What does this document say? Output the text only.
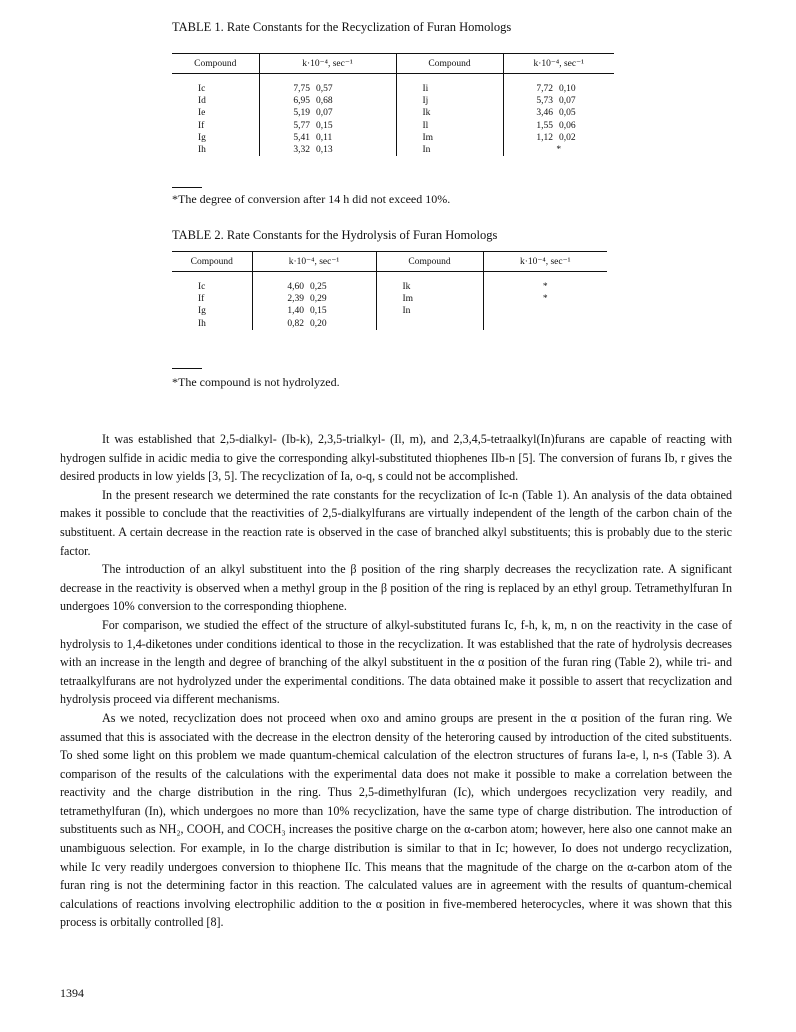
TABLE 1. Rate Constants for the Recyclization of Furan Homologs
Compound	k·10⁻⁴, sec⁻¹		Compound	k·10⁻⁴, sec⁻¹	

Ic	7,75	0,57	Ii	7,72	0,10
Id	6,95	0,68	Ij	5,73	0,07
Ie	5,19	0,07	Ik	3,46	0,05
If	5,77	0,15	Il	1,55	0,06
Ig	5,41	0,11	Im	1,12	0,02
Ih	3,32	0,13	In	*	
*The degree of conversion after 14 h did not exceed 10%.
TABLE 2. Rate Constants for the Hydrolysis of Furan Homologs
Compound	k·10⁻⁴, sec⁻¹		Compound	k·10⁻⁴, sec⁻¹

Ic	4,60	0,25	Ik	*
If	2,39	0,29	Im	*
Ig	1,40	0,15	In	
Ih	0,82	0,20		
*The compound is not hydrolyzed.

It was established that 2,5-dialkyl- (Ib-k), 2,3,5-trialkyl- (Il, m), and 2,3,4,5-tetraalkyl(In)furans are capable of reacting with hydrogen sulfide in acidic media to give the corresponding alkyl-substituted thiophenes IIb-n [5]. The conversion of furans Ib, r gives the desired products in low yields [3, 5]. The recyclization of Ia, o-q, s could not be accomplished.

In the present research we determined the rate constants for the recyclization of Ic-n (Table 1). An analysis of the data obtained makes it possible to conclude that the reactivities of 2,5-dialkylfurans are virtually independent of the length of the carbon chain of the substituent. A certain decrease in the reaction rate is observed in the case of branched alkyl substituents; this is probably due to the steric factor.

The introduction of an alkyl substituent into the β position of the ring sharply decreases the recyclization rate. A significant decrease in the reactivity is observed when a methyl group in the β position of the ring is replaced by an ethyl group. Tetramethylfuran In undergoes 10% conversion to the corresponding thiophene.

For comparison, we studied the effect of the structure of alkyl-substituted furans Ic, f-h, k, m, n on the reactivity in the case of hydrolysis to 1,4-diketones under conditions identical to those in the recyclization. It was established that the rate of hydrolysis decreases with an increase in the length and degree of branching of the alkyl substituent in the α position of the furan ring (Table 2), while tri- and tetraalkylfurans are not hydrolyzed under the experimental conditions. The data obtained make it possible to assert that recyclization and hydrolysis proceed via different mechanisms.

As we noted, recyclization does not proceed when oxo and amino groups are present in the α position of the furan ring. We assumed that this is associated with the decrease in the electron density of the heteroring caused by introduction of the cited substituents. To shed some light on this problem we made quantum-chemical calculation of the electron structures of furans Ia-e, l, n-s (Table 3). A comparison of the results of the calculations with the experimental data does not make it possible to make a correlation between the reactivity and the charge distribution in the ring. Thus 2,5-dimethylfuran (Ic), which undergoes recyclization very readily, and tetramethylfuran (In), which undergoes no more than 10% recyclization, have the same type of charge distribution. The introduction of substituents such as NH₂, COOH, and COCH₃ increases the positive charge on the α-carbon atom; however, here also one cannot make an unambiguous selection. For example, in Io the charge distribution is similar to that in Ic; however, Io does not undergo recyclization, while Ic very readily undergoes conversion to thiophene IIc. This means that the magnitude of the charge on the α-carbon atom of the furan ring is not the determining factor in this reaction. The calculated values are in agreement with the results of quantum-chemical calculations of reactions involving electrophilic addition to the α position in five-membered heterocycles, where it was shown that this process is orbitally controlled [8].

1394
